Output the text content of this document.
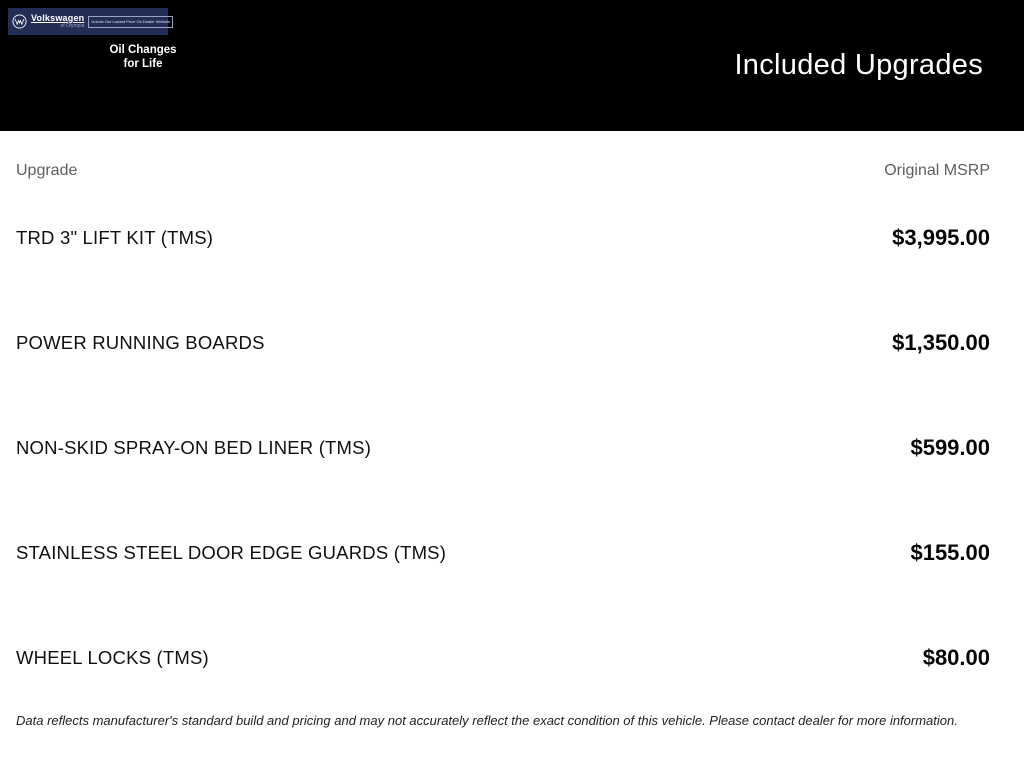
Volkswagen
of Olympia
Unlock Our Lowest Price On Dealer Website
Oil Changes for Life	Included Upgrades
Upgrade	Original MSRP
TRD 3" LIFT KIT (TMS)	$3,995.00
POWER RUNNING BOARDS	$1,350.00
NON-SKID SPRAY-ON BED LINER (TMS)	$599.00
STAINLESS STEEL DOOR EDGE GUARDS (TMS)	$155.00
WHEEL LOCKS (TMS)	$80.00

Data reflects manufacturer's standard build and pricing and may not accurately reflect the exact condition of this vehicle. Please contact dealer for more information.
